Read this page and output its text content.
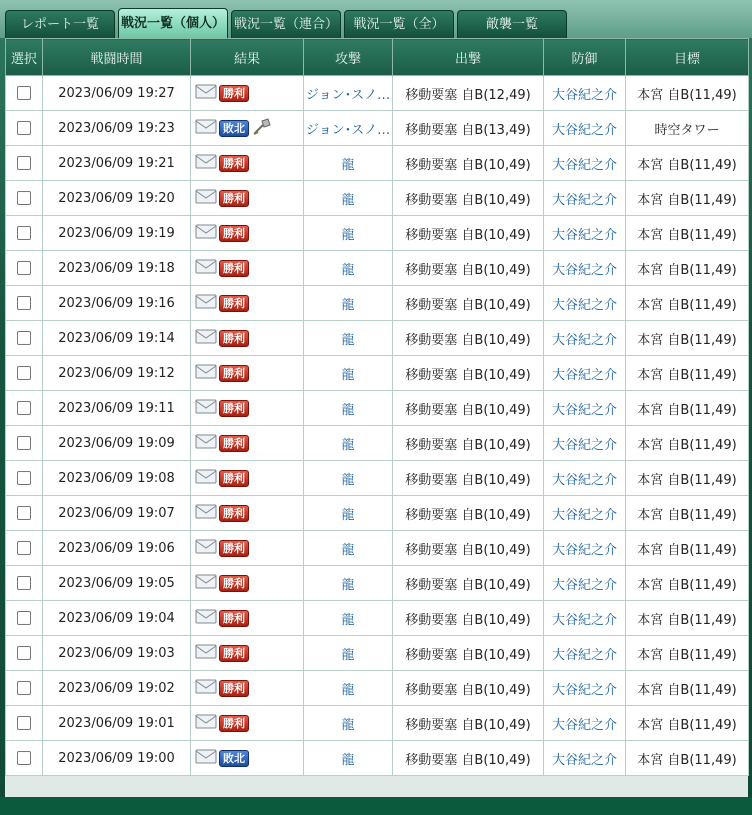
レポート一覧	戦況一覧（個人） 戦況一覧（連合）	戦況一覧（全）	敵襲一覧
選択	戦闘時間	結果	攻撃	出撃	防御	目標
	2023/06/09 19:27	勝利	ジョン･スノ…	移動要塞 自B(12,49)	大谷紀之介	本宮 自B(11,49)
	2023/06/09 19:23	敗北	ジョン･スノ…	移動要塞 自B(13,49)	大谷紀之介	時空タワー
	2023/06/09 19:21	勝利	龍	移動要塞 自B(10,49)	大谷紀之介	本宮 自B(11,49)
	2023/06/09 19:20	勝利	龍	移動要塞 自B(10,49)	大谷紀之介	本宮 自B(11,49)
	2023/06/09 19:19	勝利	龍	移動要塞 自B(10,49)	大谷紀之介	本宮 自B(11,49)
	2023/06/09 19:18	勝利	龍	移動要塞 自B(10,49)	大谷紀之介	本宮 自B(11,49)
	2023/06/09 19:16	勝利	龍	移動要塞 自B(10,49)	大谷紀之介	本宮 自B(11,49)
	2023/06/09 19:14	勝利	龍	移動要塞 自B(10,49)	大谷紀之介	本宮 自B(11,49)
	2023/06/09 19:12	勝利	龍	移動要塞 自B(10,49)	大谷紀之介	本宮 自B(11,49)
	2023/06/09 19:11	勝利	龍	移動要塞 自B(10,49)	大谷紀之介	本宮 自B(11,49)
	2023/06/09 19:09	勝利	龍	移動要塞 自B(10,49)	大谷紀之介	本宮 自B(11,49)
	2023/06/09 19:08	勝利	龍	移動要塞 自B(10,49)	大谷紀之介	本宮 自B(11,49)
	2023/06/09 19:07	勝利	龍	移動要塞 自B(10,49)	大谷紀之介	本宮 自B(11,49)
	2023/06/09 19:06	勝利	龍	移動要塞 自B(10,49)	大谷紀之介	本宮 自B(11,49)
	2023/06/09 19:05	勝利	龍	移動要塞 自B(10,49)	大谷紀之介	本宮 自B(11,49)
	2023/06/09 19:04	勝利	龍	移動要塞 自B(10,49)	大谷紀之介	本宮 自B(11,49)
	2023/06/09 19:03	勝利	龍	移動要塞 自B(10,49)	大谷紀之介	本宮 自B(11,49)
	2023/06/09 19:02	勝利	龍	移動要塞 自B(10,49)	大谷紀之介	本宮 自B(11,49)
	2023/06/09 19:01	勝利	龍	移動要塞 自B(10,49)	大谷紀之介	本宮 自B(11,49)
	2023/06/09 19:00	敗北	龍	移動要塞 自B(10,49)	大谷紀之介	本宮 自B(11,49)
